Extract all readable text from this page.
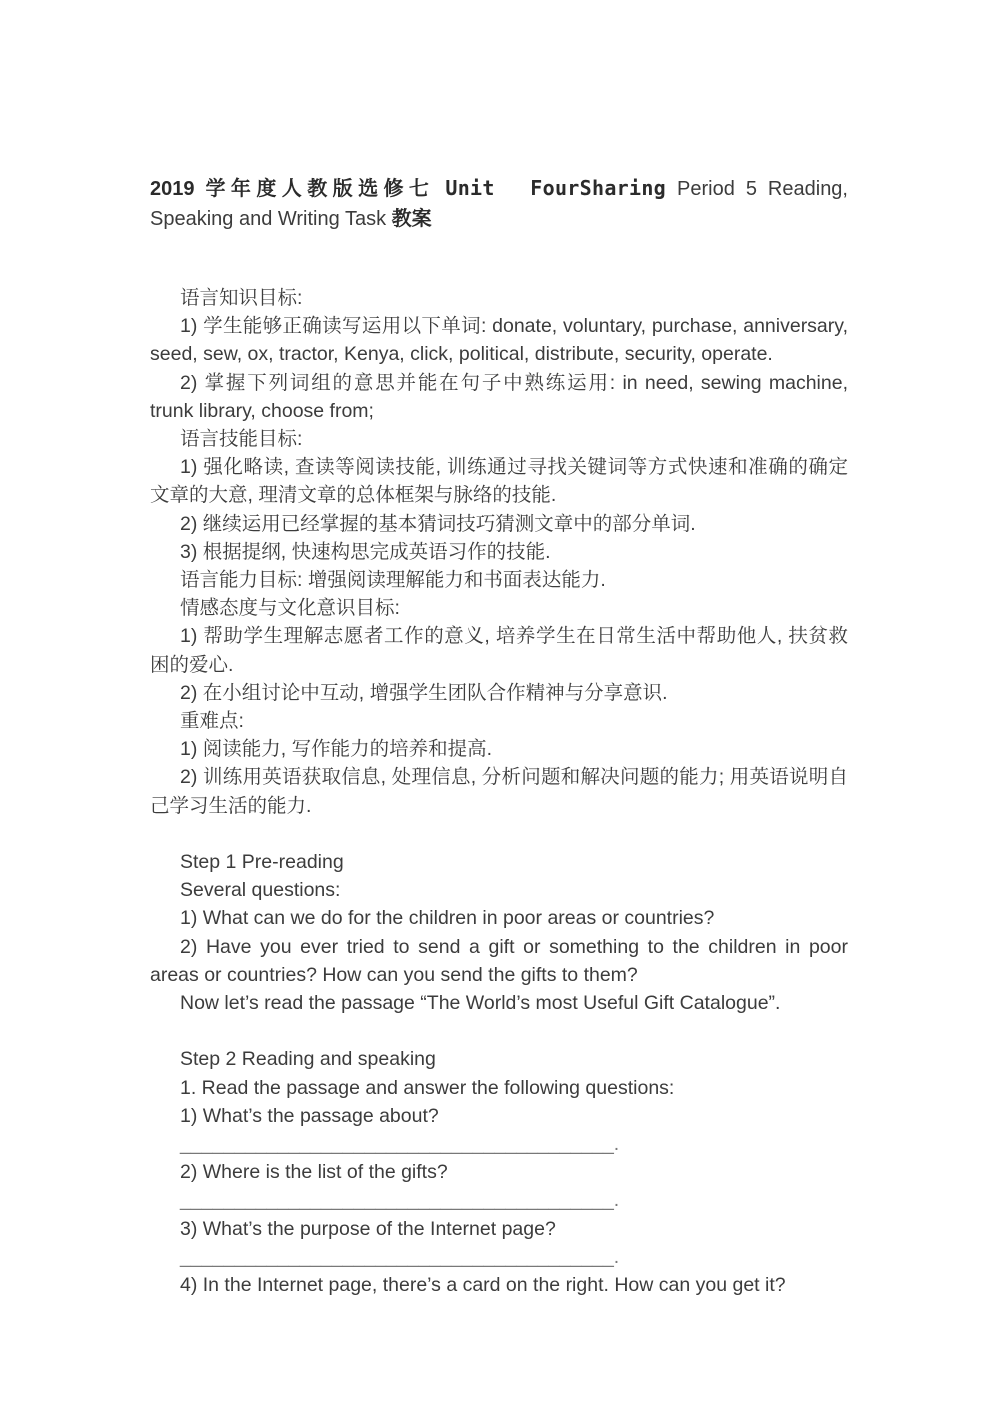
2019 学年度人教版选修七 Unit  FourSharing Period 5 Reading, Speaking and Writing Task 教案

语言知识目标:

1) 学生能够正确读写运用以下单词: donate, voluntary, purchase, anniversary, seed, sew, ox, tractor, Kenya, click, political, distribute, security, operate.

2) 掌握下列词组的意思并能在句子中熟练运用: in need, sewing machine, trunk library, choose from;

语言技能目标:

1) 强化略读, 查读等阅读技能, 训练通过寻找关键词等方式快速和准确的确定文章的大意, 理清文章的总体框架与脉络的技能.

2) 继续运用已经掌握的基本猜词技巧猜测文章中的部分单词.

3) 根据提纲, 快速构思完成英语习作的技能.

语言能力目标: 增强阅读理解能力和书面表达能力.

情感态度与文化意识目标:

1) 帮助学生理解志愿者工作的意义, 培养学生在日常生活中帮助他人, 扶贫救困的爱心.

2) 在小组讨论中互动, 增强学生团队合作精神与分享意识.

重难点:

1) 阅读能力, 写作能力的培养和提高.

2) 训练用英语获取信息, 处理信息, 分析问题和解决问题的能力; 用英语说明自己学习生活的能力.

Step 1 Pre-reading

Several questions:

1) What can we do for the children in poor areas or countries?

2) Have you ever tried to send a gift or something to the children in poor areas or countries? How can you send the gifts to them?

Now let’s read the passage “The World’s most Useful Gift Catalogue”.

Step 2 Reading and speaking

1. Read the passage and answer the following questions:

1) What’s the passage about?

________________________________________.

2) Where is the list of the gifts?

________________________________________.

3) What’s the purpose of the Internet page?

________________________________________.

4) In the Internet page, there’s a card on the right. How can you get it?
